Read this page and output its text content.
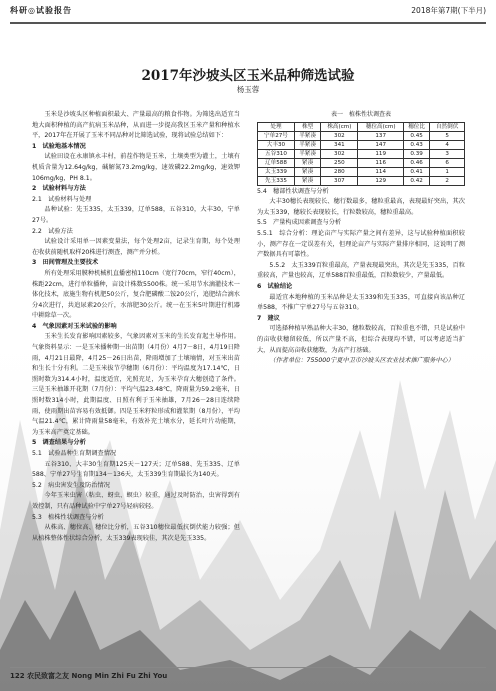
科研◎试验报告	2018年第7期(下半月)
2017年沙坡头区玉米品种筛选试验
杨玉蓉

玉米是沙坡头区种植面积最大、产量最高的粮食作物。为筛选出适宜当地大面积种植的高产抗病玉米品种，从而进一步提高我区玉米产量和种植水平，2017年在开展了玉米不同品种对比筛选试验，现将试验总结如下：

1　试验地基本情况

试验田设在永康镇永丰村，前茬作物是玉米，土壤类型为灌土，土壤有机质含量为12.64g/kg，碱解氮73.2mg/kg，速效磷22.2mg/kg，速效钾106mg/kg，PH 8.1。

2　试验材料与方法

2.1　试验材料与处理

品种试验：先玉335，太玉339，辽单588，五谷310，大丰30，宁单27号。

2.2　试验方法

试验设计采用单一因素变量法，每个处理2亩，记录生育期，每个处理在收获前随机取样20株进行测查，测产并分析。

3　田间管理及主要技术

所有处理采用膜种机械机直播密植110cm（宽行70cm，窄行40cm），株距22cm，进行单粒播种，亩设计株数5500株。统一采用节水滴灌技术一体化技术，底施生物有机肥50公斤，复合肥磷酸二铵20公斤，追肥结合滴水分4次进行，共追尿素20公斤，水溶肥30公斤。统一在玉米5叶期进行机器中耕除草一次。

4　气象因素对玉米试验的影响

玉米生长发育影响因素较多，气象因素对玉米的生长发育起主导作用。气象资料显示：一是玉米播种期一出苗期（4月份）4月7－8日，4月19日降雨，4月21日最降，4月25－26日出苗，降雨增加了土壤墒情，对玉米出苗和生长十分有利。二是玉米拔节孕穗期（6月份）：平均温度为17.14℃，日照时数为314.4小时，温度适宜，光照充足，为玉米孕育大穗创造了条件。三是玉米抽雄开花期（7月份）：平均气温23.48℃，降雨量为59.2毫米，日照时数314小时，此期温度、日照有利于玉米抽雄，7月26－28日连续降雨，使雨期出苗容易有效抵御。四是玉米籽粒形成和灌浆期（8月份），平均气温21.4℃，累计降雨量58毫米，有效补充土壤水分，延长叶片功能期，为玉米高产奠定基础。

5　调查结果与分析

5.1　试验品种生育期调查情况

五谷310、大丰30生育期125天－127天；辽单588、先玉335、辽单588、宁单27号生育期134－136天，太玉339生育期最长为140天。

5.2　病虫害发生及防治情况

今年玉米虫害（粘虫、蚜虫、螟虫）较重，通过及时防治，虫害得到有效控制，只有品种试验中宁单27号轻病较轻。

5.3　植株性状调查与分析

从株高、穗位高、穗位比分析，五谷310穗位最低抗倒伏能力较强；但从植株整体性状综合分析，太玉339表现较佳，其次是先玉335。

表一　植株性状调查表
处理	株型	株高(cm)	穗位高(cm)	穗位比	自然倒伏
宁单27号	半紧凑	302	137	0.45	5
大丰30	半紧凑	341	147	0.43	4
五谷310	半紧凑	302	119	0.39	3
辽单588	紧凑	250	116	0.46	6
太玉339	紧凑	280	114	0.41	1
先玉335	紧凑	307	129	0.42	2

5.4　穗部性状调查与分析

大丰30穗长表现较长、穗行数最多，穗粒重最高，表现最好突出，其次为太玉339，穗较长表现较长，行粒数较高，穗粒重最高。

5.5　产量构成因素调查与分析

5.5.1　综合分析：理论亩产与实际产量之间有差异，这与试验种植面积较小，测产存在一定误差有关，但理论亩产与实际产量排序相同，这说明了测产数据具有可靠性。

5.5.2　太玉339百粒重最高，产量表现最突出，其次是先玉335，百粒重较高，产量也较高，辽单588百粒重最低，百粒数较少，产量最低。

6　试验结论

最适宜本地种植的玉米品种是太玉339和先玉335，可直接向该品种辽单588，不推广宁单27号与五谷310。

7　建议

可选择种植早熟品种大丰30，穗粒数较高，百粒重也不错，只是试验中的亩收获穗留较低，所以产量不高，但综合表现均不错，可以考虑适当扩大，从而提高亩收获穗数，为高产打基础。

（作者单位：755000宁夏中卫市沙坡头区农业技术推广服务中心）

122 农民致富之友 Nong Min Zhi Fu Zhi You
